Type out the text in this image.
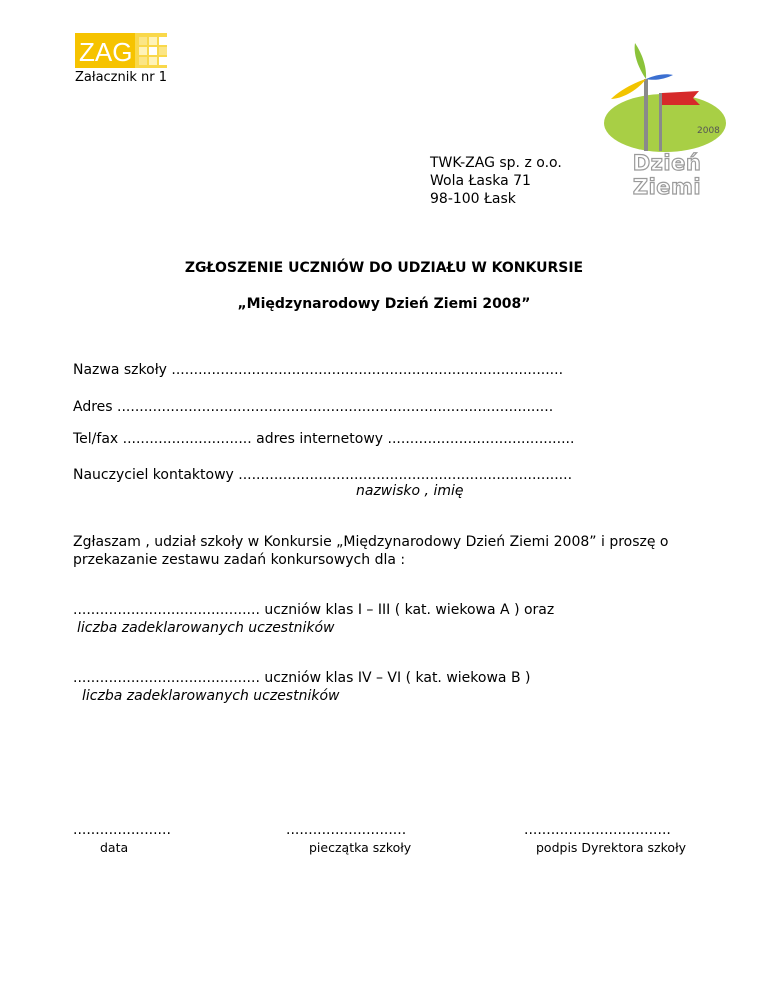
ZAG
Załacznik nr 1
2008
Dzień Ziemi
TWK-ZAG sp. z o.o.
Wola Łaska 71
98-100 Łask
ZGŁOSZENIE UCZNIÓW DO UDZIAŁU W KONKURSIE
„Międzynarodowy Dzień Ziemi 2008”
Nazwa szkoły ........................................................................................
Adres ..................................................................................................
Tel/fax ............................. adres internetowy ..........................................
Nauczyciel kontaktowy ...........................................................................
nazwisko , imię
Zgłaszam , udział szkoły w Konkursie „Międzynarodowy Dzień Ziemi 2008” i proszę o
przekazanie zestawu zadań konkursowych dla :
.......................................... uczniów klas I – III ( kat. wiekowa A ) oraz
liczba zadeklarowanych uczestników
.......................................... uczniów klas IV – VI ( kat. wiekowa B )
liczba zadeklarowanych uczestników
......................
data
...........................
pieczątka szkoły
.................................
podpis Dyrektora szkoły
